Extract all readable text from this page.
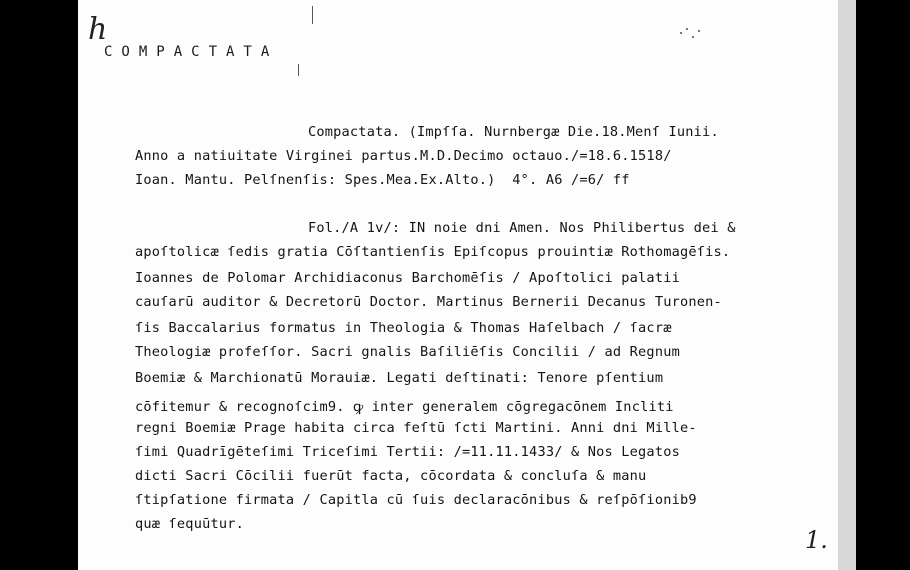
h
COMPACTATA
Compactata. (Impſſa. Nurnbergæ Die.18.Menſ Iunii.
Anno a natiuitate Virginei partus.M.D.Decimo octauo./=18.6.1518/
Ioan. Mantu. Pelſnenſis: Spes.Mea.Ex.Alto.)  4°. A6 /=6/ ff
Fol./A 1v/: IN noie dni Amen. Nos Philibertus dei &
apoſtolicæ ſedis gratia Cōſtantienſis Epiſcopus prouintiæ Rothomagēſis.
Ioannes de Polomar Archidiaconus Barchomēſis / Apoſtolici palatii
cauſarū auditor & Decretorū Doctor. Martinus Bernerii Decanus Turonen-
ſis Baccalarius formatus in Theologia & Thomas Haſelbach / ſacræ
Theologiæ profeſſor. Sacri gnalis Baſiliēſis Concilii / ad Regnum
Boemiæ & Marchionatū Morauiæ. Legati deſtinati: Tenore pſentium
cōfitemur & recognoſcim9. ꝙ inter generalem cōgregacōnem Incliti
regni Boemiæ Prage habita circa feſtū ſcti Martini. Anni dni Mille-
ſimi Quadrīgēteſimi Triceſimi Tertii: /=11.11.1433/ & Nos Legatos
dicti Sacri Cōcilii fuerūt facta, cōcordata & concluſa & manu
ſtipſatione firmata / Capitla cū ſuis declaracōnibus & reſpōſionib9
quæ ſequūtur.
1.
